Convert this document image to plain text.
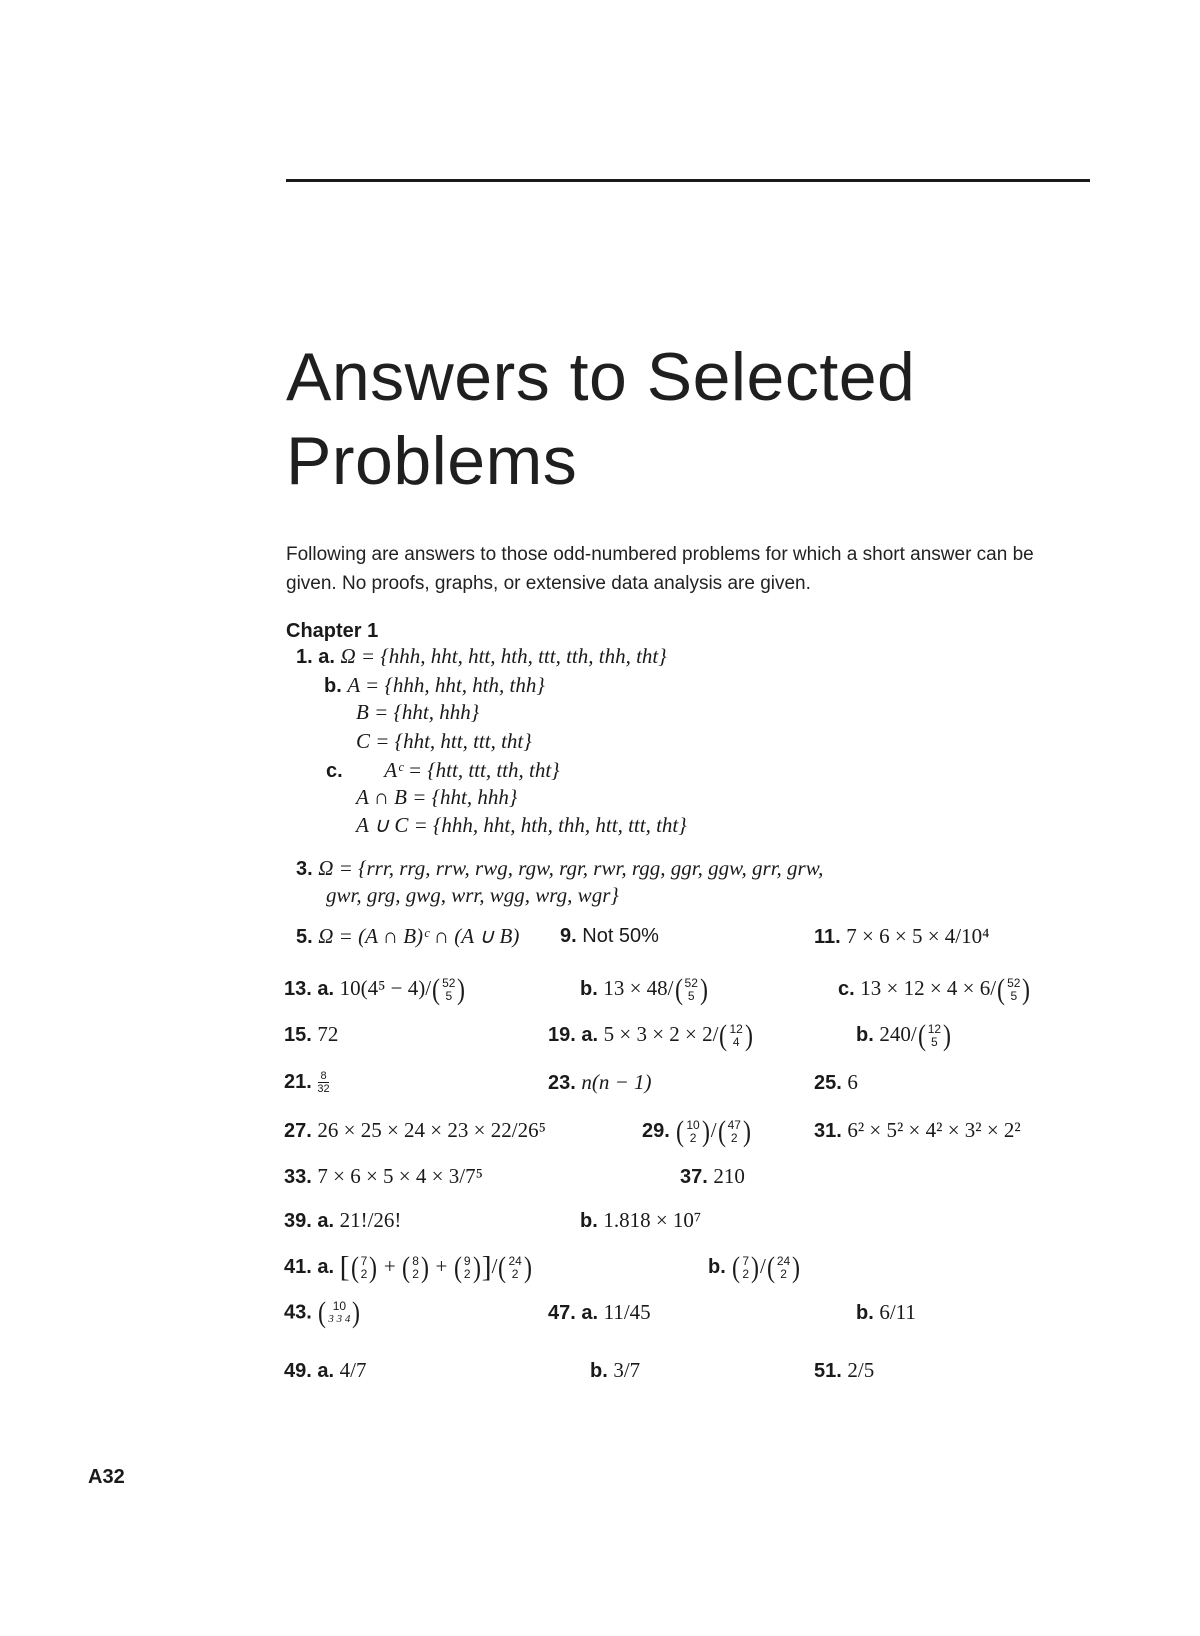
Answers to Selected Problems
Following are answers to those odd-numbered problems for which a short answer can be given. No proofs, graphs, or extensive data analysis are given.
Chapter 1
1. a. Ω = {hhh, hht, htt, hth, ttt, tth, thh, tht}
b. A = {hhh, hht, hth, thh}
B = {hht, hhh}
C = {hht, htt, ttt, tht}
c. Aᶜ = {htt, ttt, tth, tht}
A ∩ B = {hht, hhh}
A ∪ C = {hhh, hht, hth, thh, htt, ttt, tht}
3. Ω = {rrr, rrg, rrw, rwg, rgw, rgr, rwr, rgg, ggr, ggw, grr, grw,
gwr, grg, gwg, wrr, wgg, wrg, wgr}
5. Ω = (A ∩ B)ᶜ ∩ (A ∪ B) 9. Not 50%	11. 7 × 6 × 5 × 4/10⁴
13. a. 10(4⁵ − 4)/ ( 52
5 )	b. 13 × 48/ ( 52
5 )	c. 13 × 12 × 4 × 6/ ( 52
5 )
15. 72	19. a. 5 × 3 × 2 × 2/ ( 12
4 )	b. 240/ ( 12
5 )
21. $\frac{8}{32}$	23. n(n − 1)	25. 6
27. 26 × 25 × 24 × 23 × 22/26⁵	29. ( 10
2 ) / ( 47
2 )	31. 6² × 5² × 4² × 3² × 2²
33. 7 × 6 × 5 × 4 × 3/7⁵	37. 210
39. a. 21!/26!	b. 1.818 × 10⁷
41. a. [ ( 7
2 ) + ( 8
2 ) + ( 9
2 ) ]/ ( 24
2 )	b. ( 7
2 ) / ( 24
2 )
43. ( 10
3 3 4 )	47. a. 11/45	b. 6/11
49. a. 4/7	b. 3/7	51. 2/5
A32
